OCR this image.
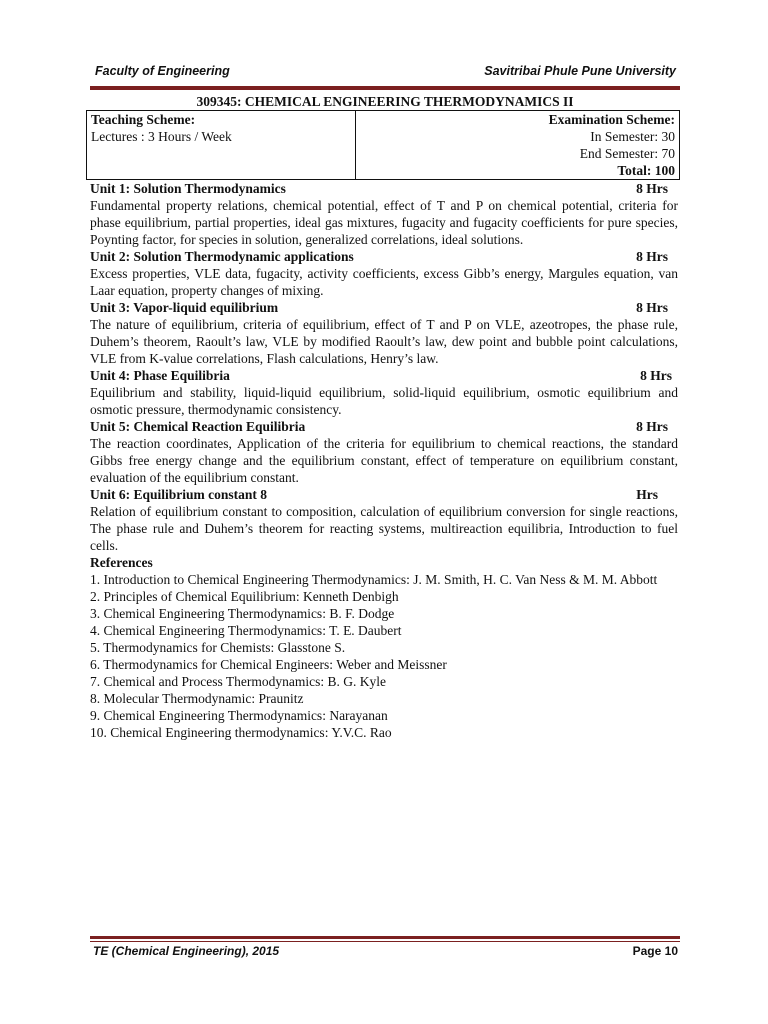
Faculty of Engineering	Savitribai Phule Pune University
309345: CHEMICAL ENGINEERING THERMODYNAMICS II
Teaching Scheme:
Lectures : 3 Hours / Week

Examination Scheme:
In Semester: 30
End Semester: 70
Total: 100
Unit 1: Solution Thermodynamics	8 Hrs
Fundamental property relations, chemical potential, effect of T and P on chemical potential, criteria for phase equilibrium, partial properties, ideal gas mixtures, fugacity and fugacity coefficients for pure species, Poynting factor, for species in solution, generalized correlations, ideal solutions.
Unit 2: Solution Thermodynamic applications	8 Hrs
Excess properties, VLE data, fugacity, activity coefficients, excess Gibb’s energy, Margules equation, van Laar equation, property changes of mixing.
Unit 3: Vapor-liquid equilibrium	8 Hrs
The nature of equilibrium, criteria of equilibrium, effect of T and P on VLE, azeotropes, the phase rule, Duhem’s theorem, Raoult’s law, VLE by modified Raoult’s law, dew point and bubble point calculations, VLE from K-value correlations, Flash calculations, Henry’s law.
Unit 4: Phase Equilibria	8 Hrs
Equilibrium and stability, liquid-liquid equilibrium, solid-liquid equilibrium, osmotic equilibrium and osmotic pressure, thermodynamic consistency.
Unit 5: Chemical Reaction Equilibria	8 Hrs
The reaction coordinates, Application of the criteria for equilibrium to chemical reactions, the standard Gibbs free energy change and the equilibrium constant, effect of temperature on equilibrium constant, evaluation of the equilibrium constant.
Unit 6: Equilibrium constant 8	Hrs
Relation of equilibrium constant to composition, calculation of equilibrium conversion for single reactions, The phase rule and Duhem’s theorem for reacting systems, multireaction equilibria, Introduction to fuel cells.
References
1. Introduction to Chemical Engineering Thermodynamics: J. M. Smith, H. C. Van Ness & M. M. Abbott
2. Principles of Chemical Equilibrium: Kenneth Denbigh
3. Chemical Engineering Thermodynamics: B. F. Dodge
4. Chemical Engineering Thermodynamics: T. E. Daubert
5. Thermodynamics for Chemists: Glasstone S.
6. Thermodynamics for Chemical Engineers: Weber and Meissner
7. Chemical and Process Thermodynamics: B. G. Kyle
8. Molecular Thermodynamic: Praunitz
9. Chemical Engineering Thermodynamics: Narayanan
10. Chemical Engineering thermodynamics: Y.V.C. Rao
TE (Chemical Engineering), 2015	Page 10
